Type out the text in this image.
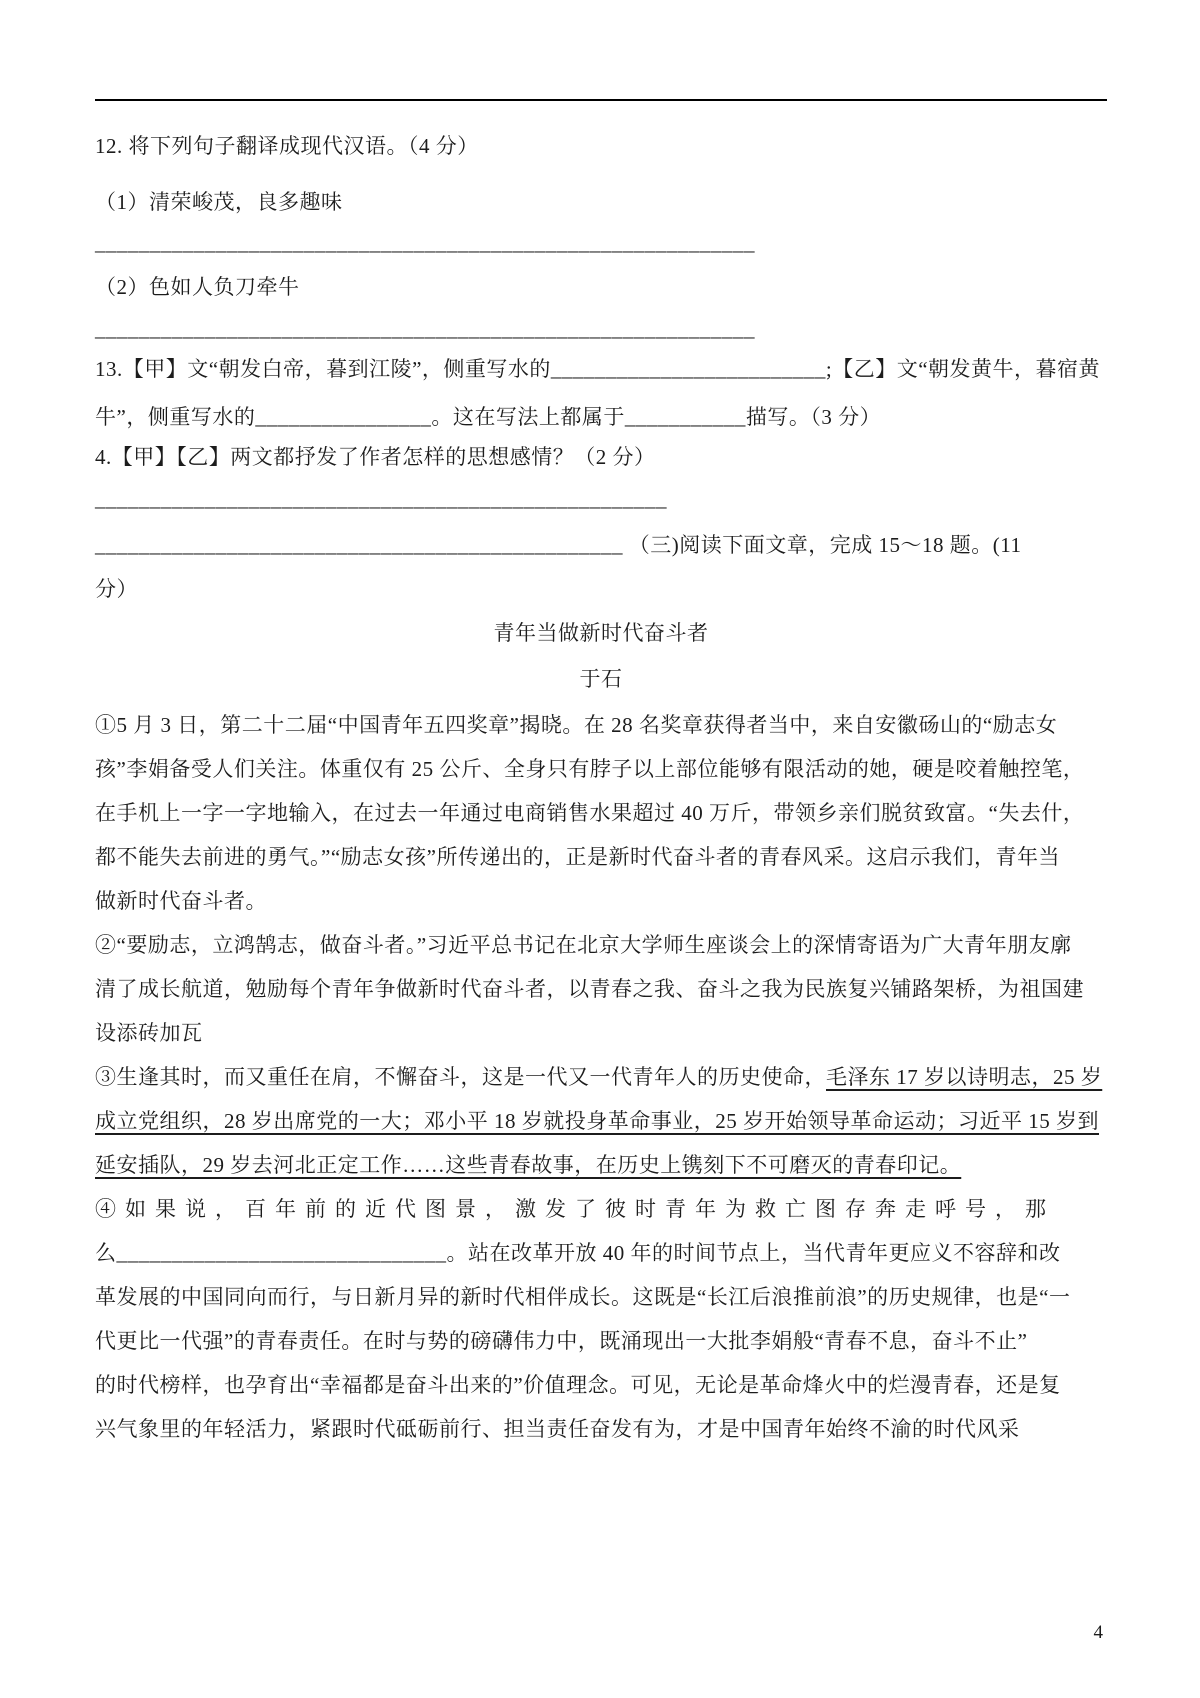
12. 将下列句子翻译成现代汉语。（4 分）
（1）清荣峻茂，良多趣味
____________________________________________________________
（2）色如人负刀牵牛
____________________________________________________________
13.【甲】文“朝发白帝，暮到江陵”，侧重写水的_________________________;【乙】文“朝发黄牛，暮宿黄
牛”，侧重写水的________________。这在写法上都属于___________描写。（3 分）
4.【甲】【乙】两文都抒发了作者怎样的思想感情？（2 分）
____________________________________________________
________________________________________________ （三)阅读下面文章，完成 15～18 题。(11
分）
青年当做新时代奋斗者
于石
①5 月 3 日，第二十二届“中国青年五四奖章”揭晓。在 28 名奖章获得者当中，来自安徽砀山的“励志女
孩”李娟备受人们关注。体重仅有 25 公斤、全身只有脖子以上部位能够有限活动的她，硬是咬着触控笔，
在手机上一字一字地输入，在过去一年通过电商销售水果超过 40 万斤，带领乡亲们脱贫致富。“失去什，
都不能失去前进的勇气。”“励志女孩”所传递出的，正是新时代奋斗者的青春风采。这启示我们，青年当
做新时代奋斗者。
②“要励志，立鸿鹄志，做奋斗者。”习近平总书记在北京大学师生座谈会上的深情寄语为广大青年朋友廓
清了成长航道，勉励每个青年争做新时代奋斗者，以青春之我、奋斗之我为民族复兴铺路架桥，为祖国建
设添砖加瓦
③生逢其时，而又重任在肩，不懈奋斗，这是一代又一代青年人的历史使命，毛泽东 17 岁以诗明志，25 岁
成立党组织，28 岁出席党的一大；邓小平 18 岁就投身革命事业，25 岁开始领导革命运动；习近平 15 岁到
延安插队，29 岁去河北正定工作……这些青春故事，在历史上镌刻下不可磨灭的青春印记。
④如果说，百年前的近代图景，激发了彼时青年为救亡图存奔走呼号，那
么______________________________。站在改革开放 40 年的时间节点上，当代青年更应义不容辞和改
革发展的中国同向而行，与日新月异的新时代相伴成长。这既是“长江后浪推前浪”的历史规律，也是“一
代更比一代强”的青春责任。在时与势的磅礴伟力中，既涌现出一大批李娟般“青春不息，奋斗不止”
的时代榜样，也孕育出“幸福都是奋斗出来的”价值理念。可见，无论是革命烽火中的烂漫青春，还是复
兴气象里的年轻活力，紧跟时代砥砺前行、担当责任奋发有为，才是中国青年始终不渝的时代风采
4
